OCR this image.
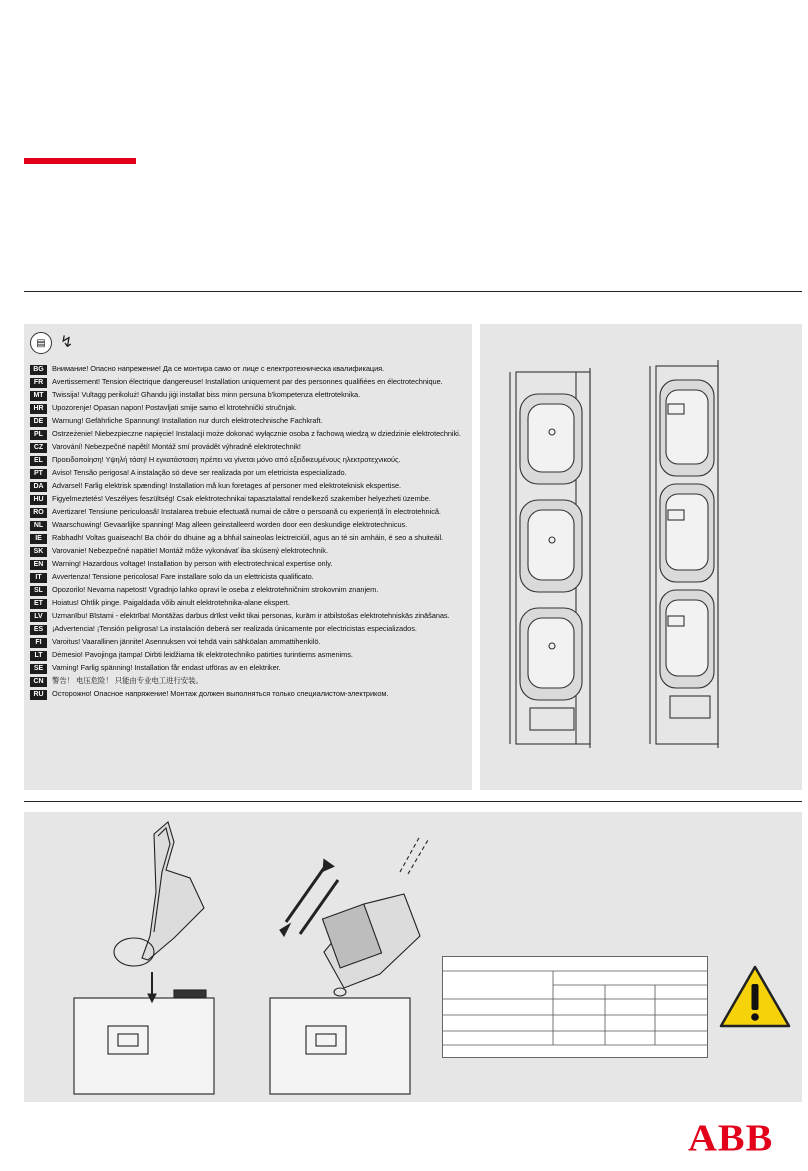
▤ ↯
BG	Внимание! Опасно напрежение! Да се монтира само от лице с електротехническа квалификация.
FR	Avertissement! Tension électrique dangereuse! Installation uniquement par des personnes qualifiées en électrotechnique.
MT	Twissija! Vultagg perikoluż! Għandu jiġi installat biss minn persuna b'kompetenza elettroteknika.
HR	Upozorenje! Opasan napon! Postavljati smije samo el ktrotehnički stručnjak.
DE	Warnung! Gefährliche Spannung! Installation nur durch elektrotechnische Fachkraft.
PL	Ostrzeżenie! Niebezpieczne napięcie! Instalacji może dokonać wyłącznie osoba z fachową wiedzą w dziedzinie elektrotechniki.
CZ	Varování! Nebezpečné napětí! Montáž smí provádět výhradně elektrotechnik!
EL	Προειδοποίηση! Υψηλή τάση! Η εγκατάσταση πρέπει να γίνεται μόνο από εξειδικευμένους ηλεκτροτεχνικούς.
PT	Aviso! Tensão perigosa! A instalação só deve ser realizada por um eletricista especializado.
DA	Advarsel! Farlig elektrisk spænding! Installation må kun foretages af personer med elektroteknisk ekspertise.
HU	Figyelmeztetés! Veszélyes feszültség! Csak elektrotechnikai tapasztalattal rendelkező szakember helyezheti üzembe.
RO	Avertizare! Tensiune periculoasă! Instalarea trebuie efectuată numai de către o persoană cu experiență în electrotehnică.
NL	Waarschuwing! Gevaarlijke spanning! Mag alleen geinstalleerd worden door een deskundige elektrotechnicus.
IE	Rabhadh! Voltas guaiseach! Ba chóir do dhuine ag a bhfuil saineolas leictreiciúil, agus an té sin amháin, é seo a shuiteáil.
SK	Varovanie! Nebezpečné napätie! Montáž môže vykonávať iba skúsený elektrotechnik.
EN	Warning! Hazardous voltage! Installation by person with electrotechnical expertise only.
IT	Avvertenza! Tensione pericolosa! Fare installare solo da un elettricista qualificato.
SL	Opozorilo! Nevarna napetost! Vgradnjo lahko opravi le oseba z elektrotehničnim strokovnim znanjem.
ET	Hoiatus! Ohtlik pinge. Paigaldada võib ainult elektrotehnika-alane ekspert.
LV	Uzmanību! Bīstami - elektrība! Montāžas darbus drīkst veikt tikai personas, kurām ir atbilstošas elektrotehniskās zināšanas.
ES	¡Advertencia! ¡Tensión peligrosa! La instalación deberá ser realizada únicamente por electricistas especializados.
FI	Varoitus! Vaarallinen jännite! Asennuksen voi tehdä vain sähköalan ammattihenkilö.
LT	Dėmesio! Pavojinga įtampa! Dirbti leidžiama tik elektrotechniko patirties turintiems asmenims.
SE	Varning! Farlig spänning! Installation får endast utföras av en elektriker.
CN	警告！ 电压危险！ 只能由专业电工进行安装。
RU	Осторожно! Опасное напряжение! Монтаж должен выполняться только специалистом-электриком.
ABB
